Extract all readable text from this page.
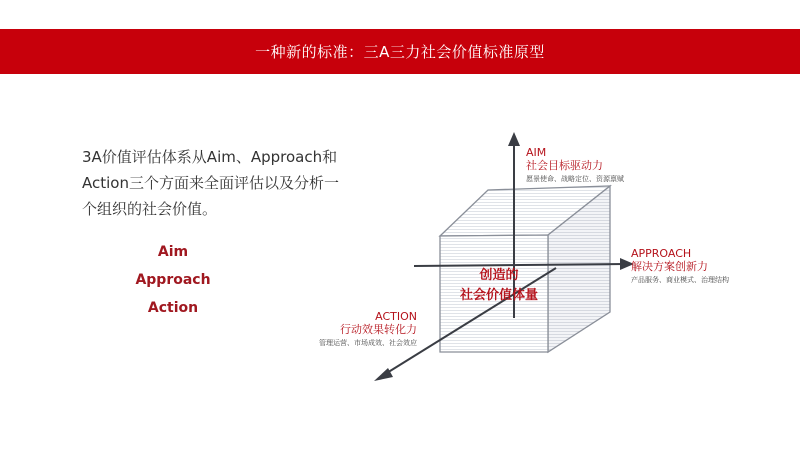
一种新的标准：三A三力社会价值标准原型
3A价值评估体系从Aim、Approach和Action三个方面来全面评估以及分析一个组织的社会价值。
Aim
Approach
Action
创造的
社会价值体量
AIM
社会目标驱动力
愿景使命、战略定位、资源禀赋
APPROACH
解决方案创新力
产品服务、商业模式、治理结构
ACTION
行动效果转化力
管理运营、市场成效、社会效应
